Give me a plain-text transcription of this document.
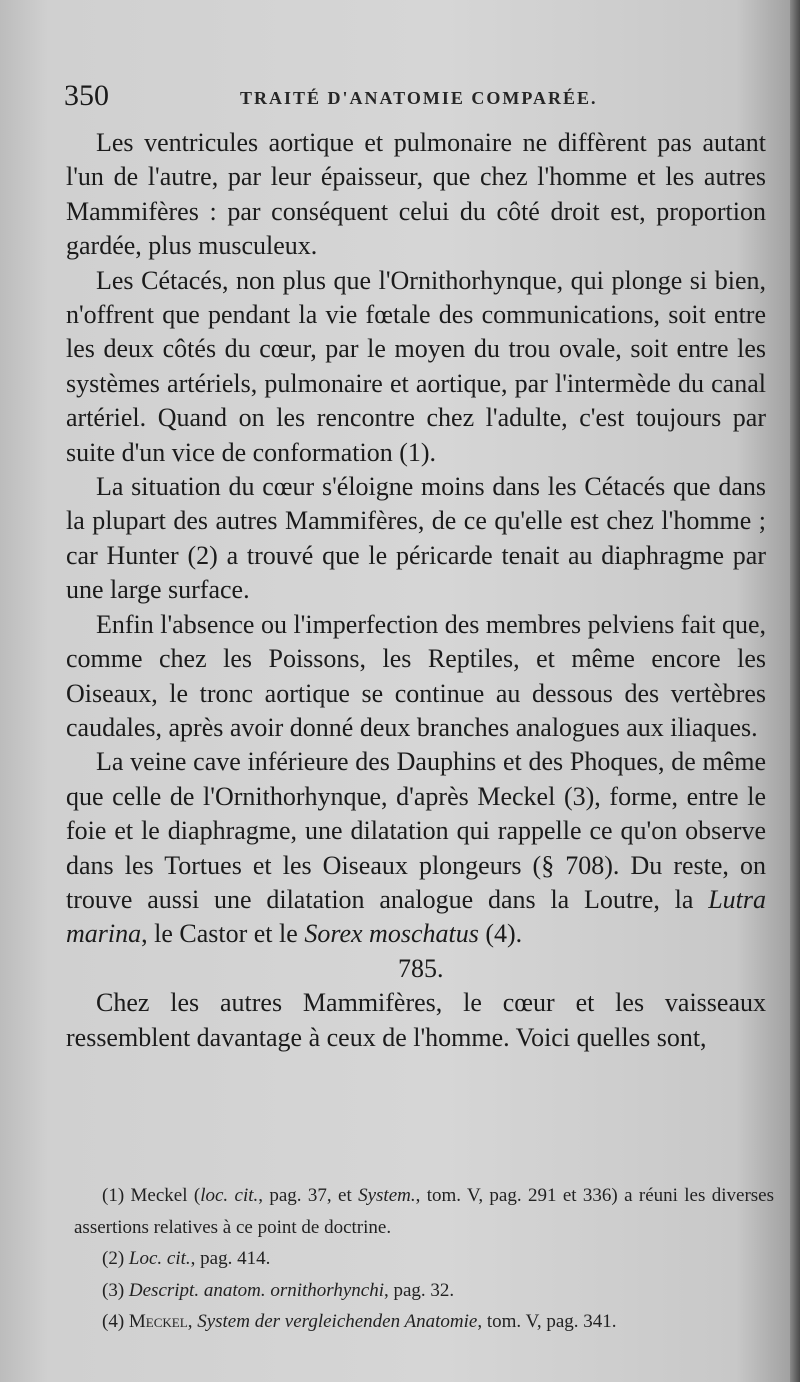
350	TRAITÉ D'ANATOMIE COMPARÉE.

Les ventricules aortique et pulmonaire ne diffèrent pas autant l'un de l'autre, par leur épaisseur, que chez l'homme et les autres Mammifères : par conséquent celui du côté droit est, proportion gardée, plus musculeux.

Les Cétacés, non plus que l'Ornithorhynque, qui plonge si bien, n'offrent que pendant la vie fœtale des communications, soit entre les deux côtés du cœur, par le moyen du trou ovale, soit entre les systèmes artériels, pulmonaire et aortique, par l'intermède du canal artériel. Quand on les rencontre chez l'adulte, c'est toujours par suite d'un vice de conformation (1).

La situation du cœur s'éloigne moins dans les Cétacés que dans la plupart des autres Mammifères, de ce qu'elle est chez l'homme ; car Hunter (2) a trouvé que le péricarde tenait au diaphragme par une large surface.

Enfin l'absence ou l'imperfection des membres pelviens fait que, comme chez les Poissons, les Reptiles, et même encore les Oiseaux, le tronc aortique se continue au dessous des vertèbres caudales, après avoir donné deux branches analogues aux iliaques.

La veine cave inférieure des Dauphins et des Phoques, de même que celle de l'Ornithorhynque, d'après Meckel (3), forme, entre le foie et le diaphragme, une dilatation qui rappelle ce qu'on observe dans les Tortues et les Oiseaux plongeurs (§ 708). Du reste, on trouve aussi une dilatation analogue dans la Loutre, la Lutra marina, le Castor et le Sorex moschatus (4).

785.

Chez les autres Mammifères, le cœur et les vaisseaux ressemblent davantage à ceux de l'homme. Voici quelles sont,

(1) Meckel (loc. cit., pag. 37, et System., tom. V, pag. 291 et 336) a réuni les diverses assertions relatives à ce point de doctrine.

(2) Loc. cit., pag. 414.

(3) Descript. anatom. ornithorhynchi, pag. 32.

(4) Meckel, System der vergleichenden Anatomie, tom. V, pag. 341.
